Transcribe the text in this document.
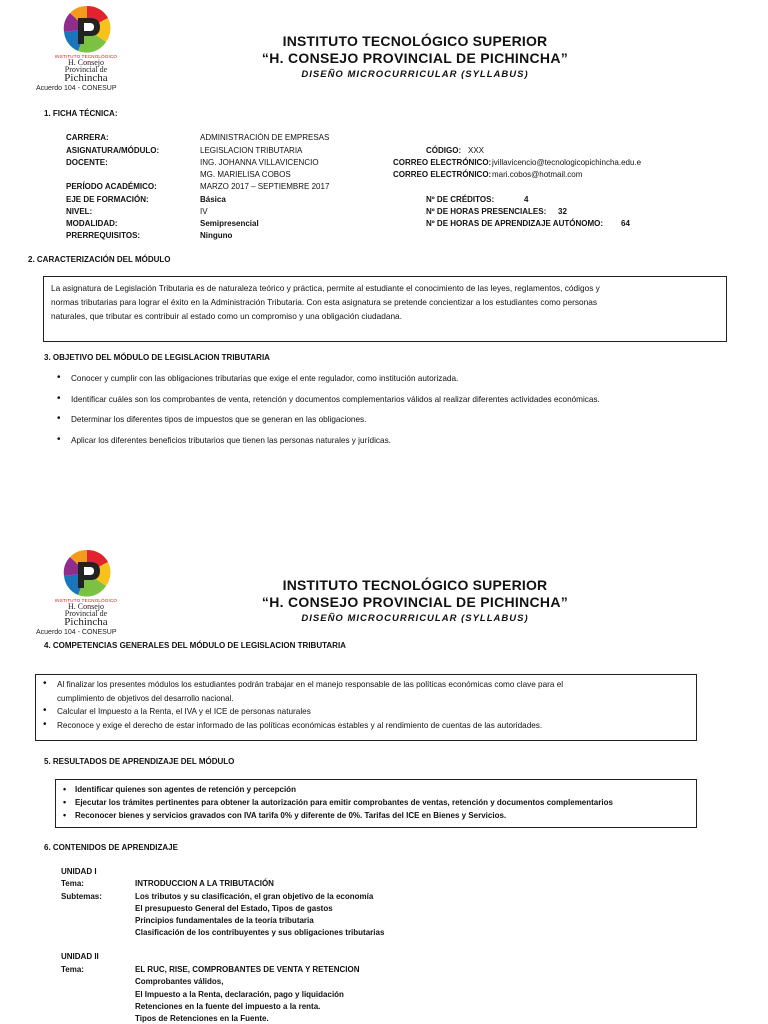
INSTITUTO TECNOLÓGICO
H. Consejo
Provincial de
Pichincha
Acuerdo 104 - CONESUP
INSTITUTO TECNOLÓGICO SUPERIOR
“H. CONSEJO PROVINCIAL DE PICHINCHA”
DISEÑO MICROCURRICULAR (SYLLABUS)
1. FICHA TÉCNICA:
CARRERA:	ADMINISTRACIÓN DE EMPRESAS
ASIGNATURA/MÓDULO:	LEGISLACION TRIBUTARIA	CÓDIGO: XXX
DOCENTE:	ING. JOHANNA VILLAVICENCIO	CORREO ELECTRÓNICO: jvillavicencio@tecnologicopichincha.edu.e
MG. MARIELISA COBOS	CORREO ELECTRÓNICO: mari.cobos@hotmail.com
PERÍODO ACADÉMICO:	MARZO 2017 – SEPTIEMBRE 2017
EJE DE FORMACIÓN:	Básica	Nº DE CRÉDITOS:	4
NIVEL:	IV	Nº DE HORAS PRESENCIALES: 32
MODALIDAD:	Semipresencial	Nº DE HORAS DE APRENDIZAJE AUTÓNOMO: 64
PRERREQUISITOS:	Ninguno
2. CARACTERIZACIÓN DEL MÓDULO
La asignatura de Legislación Tributaria es de naturaleza teórico y práctica, permite al estudiante el conocimiento de las leyes, reglamentos, códigos y
normas tributarias para lograr el éxito en la Administración Tributaria. Con esta asignatura se pretende concientizar a los estudiantes como personas
naturales, que tributar es contribuir al estado como un compromiso y una obligación ciudadana.
3. OBJETIVO DEL MÓDULO DE LEGISLACION TRIBUTARIA
• Conocer y cumplir con las obligaciones tributarias que exige el ente regulador, como institución autorizada.
• Identificar cuáles son los comprobantes de venta, retención y documentos complementarios válidos al realizar diferentes actividades económicas.
• Determinar los diferentes tipos de impuestos que se generan en las obligaciones.
• Aplicar los diferentes beneficios tributarios que tienen las personas naturales y jurídicas.
INSTITUTO TECNOLÓGICO
H. Consejo
Provincial de
Pichincha
Acuerdo 104 - CONESUP
INSTITUTO TECNOLÓGICO SUPERIOR
“H. CONSEJO PROVINCIAL DE PICHINCHA”
DISEÑO MICROCURRICULAR (SYLLABUS)
4. COMPETENCIAS GENERALES DEL MÓDULO DE LEGISLACION TRIBUTARIA
• Al finalizar los presentes módulos los estudiantes podrán trabajar en el manejo responsable de las políticas económicas como clave para el
cumplimiento de objetivos del desarrollo nacional.
• Calcular el Impuesto a la Renta, el IVA y el ICE de personas naturales
• Reconoce y exige el derecho de estar informado de las políticas económicas estables y al rendimiento de cuentas de las autoridades.
5. RESULTADOS DE APRENDIZAJE DEL MÓDULO
• Identificar quienes son agentes de retención y percepción
• Ejecutar los trámites pertinentes para obtener la autorización para emitir comprobantes de ventas, retención y documentos complementarios
• Reconocer bienes y servicios gravados con IVA tarifa 0% y diferente de 0%. Tarifas del ICE en Bienes y Servicios.
6. CONTENIDOS DE APRENDIZAJE
UNIDAD I
Tema:	INTRODUCCION A LA TRIBUTACIÓN
Subtemas:	Los tributos y su clasificación, el gran objetivo de la economía
El presupuesto General del Estado, Tipos de gastos
Principios fundamentales de la teoría tributaria
Clasificación de los contribuyentes y sus obligaciones tributarias
UNIDAD II
Tema:	EL RUC, RISE, COMPROBANTES DE VENTA Y RETENCION
Comprobantes válidos,
El Impuesto a la Renta, declaración, pago y liquidación
Retenciones en la fuente del impuesto a la renta.
Tipos de Retenciones en la Fuente.
